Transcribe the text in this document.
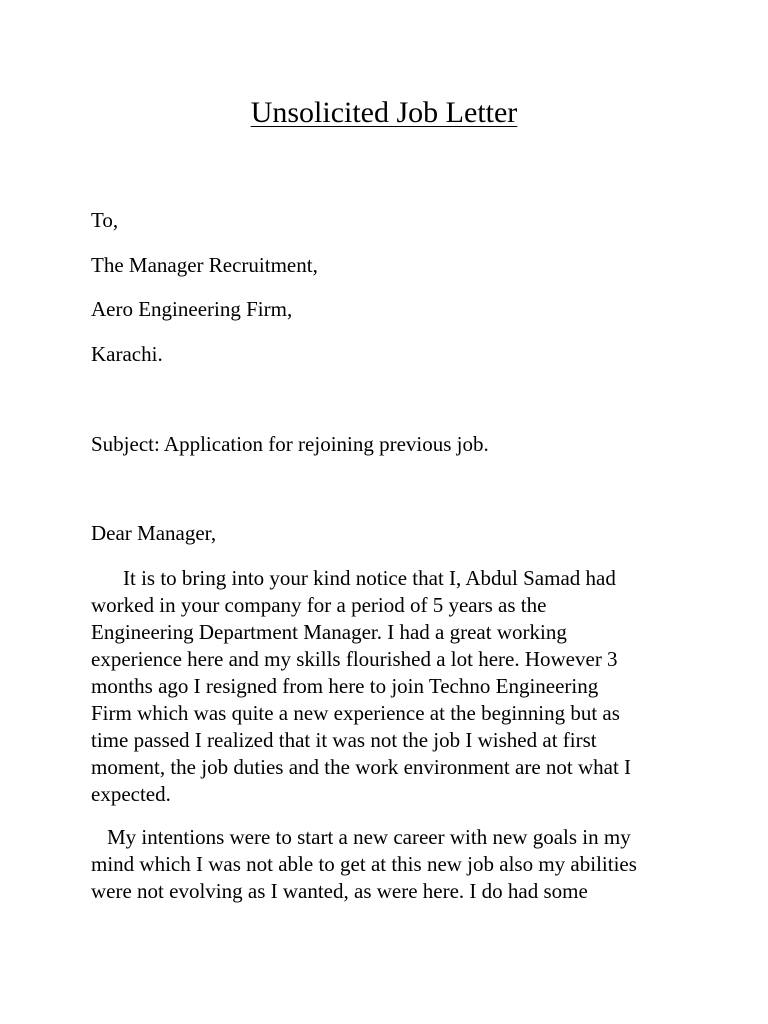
Unsolicited Job Letter

To,

The Manager Recruitment,

Aero Engineering Firm,

Karachi.

Subject: Application for rejoining previous job.

Dear Manager,

It is to bring into your kind notice that I, Abdul Samad had
worked in your company for a period of 5 years as the
Engineering Department Manager. I had a great working
experience here and my skills flourished a lot here. However 3
months ago I resigned from here to join Techno Engineering
Firm which was quite a new experience at the beginning but as
time passed I realized that it was not the job I wished at first
moment, the job duties and the work environment are not what I
expected.
My intentions were to start a new career with new goals in my
mind which I was not able to get at this new job also my abilities
were not evolving as I wanted, as were here. I do had some
